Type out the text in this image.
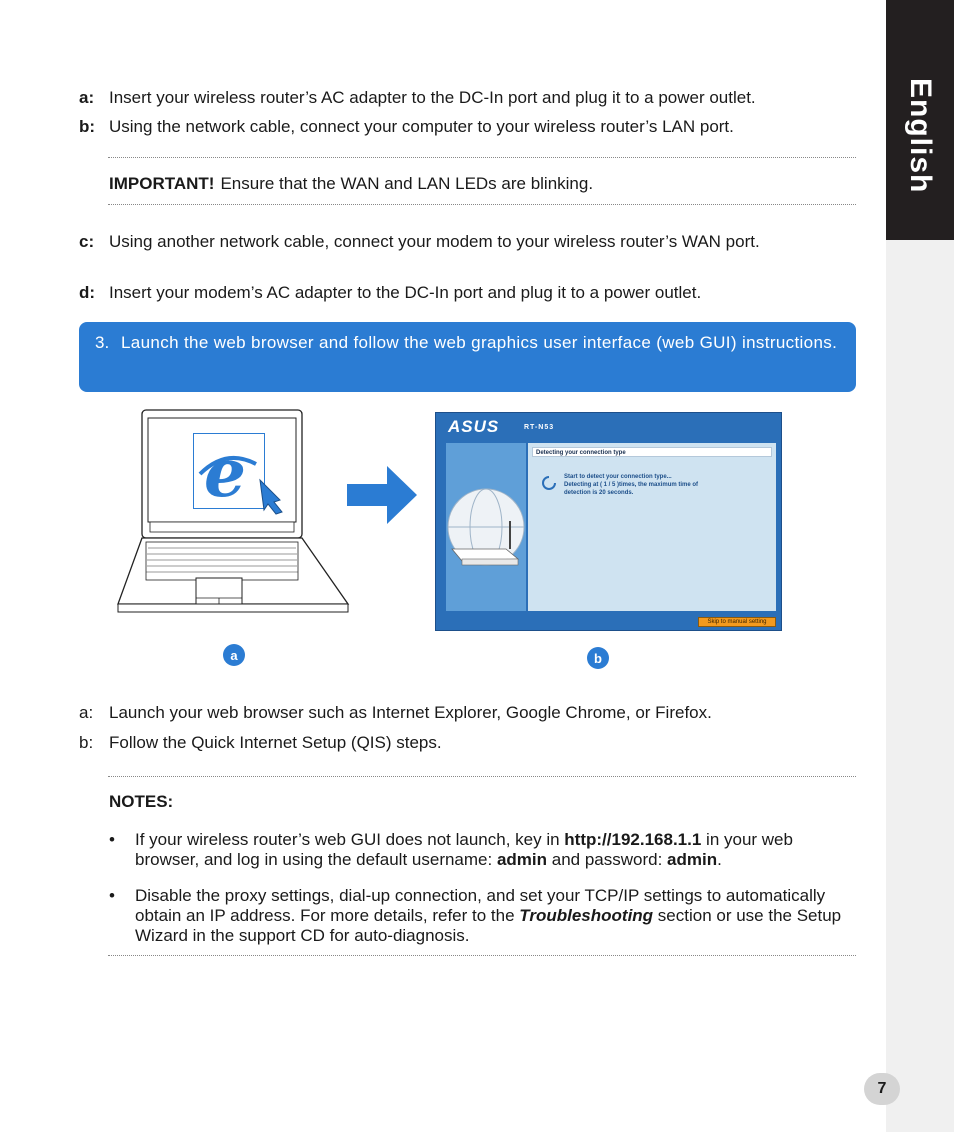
English
a: Insert your wireless router’s AC adapter to the DC-In port and plug it to a power outlet.
b: Using the network cable, connect your computer to your wireless router’s LAN port.
IMPORTANT! Ensure that the WAN and LAN LEDs are blinking.
c: Using another network cable, connect your modem to your wireless router’s WAN port.
d: Insert your modem’s AC adapter to the DC-In port and plug it to a power outlet.
3. Launch the web browser and follow the web graphics user interface (web GUI) instructions.
e
ASUS	RT-N53
Detecting your connection type
Start to detect your connection type...
Detecting at ( 1 / 5 )times, the maximum time of
detection is 20 seconds.
Skip to manual setting
a	b
a: Launch your web browser such as Internet Explorer, Google Chrome, or Firefox.
b: Follow the Quick Internet Setup (QIS) steps.
NOTES:
• If your wireless router’s web GUI does not launch, key in http://192.168.1.1 in your web browser, and log in using the default username: admin and password: admin.
• Disable the proxy settings, dial-up connection, and set your TCP/IP settings to automatically obtain an IP address. For more details, refer to the Troubleshooting section or use the Setup Wizard in the support CD for auto-diagnosis.
7
